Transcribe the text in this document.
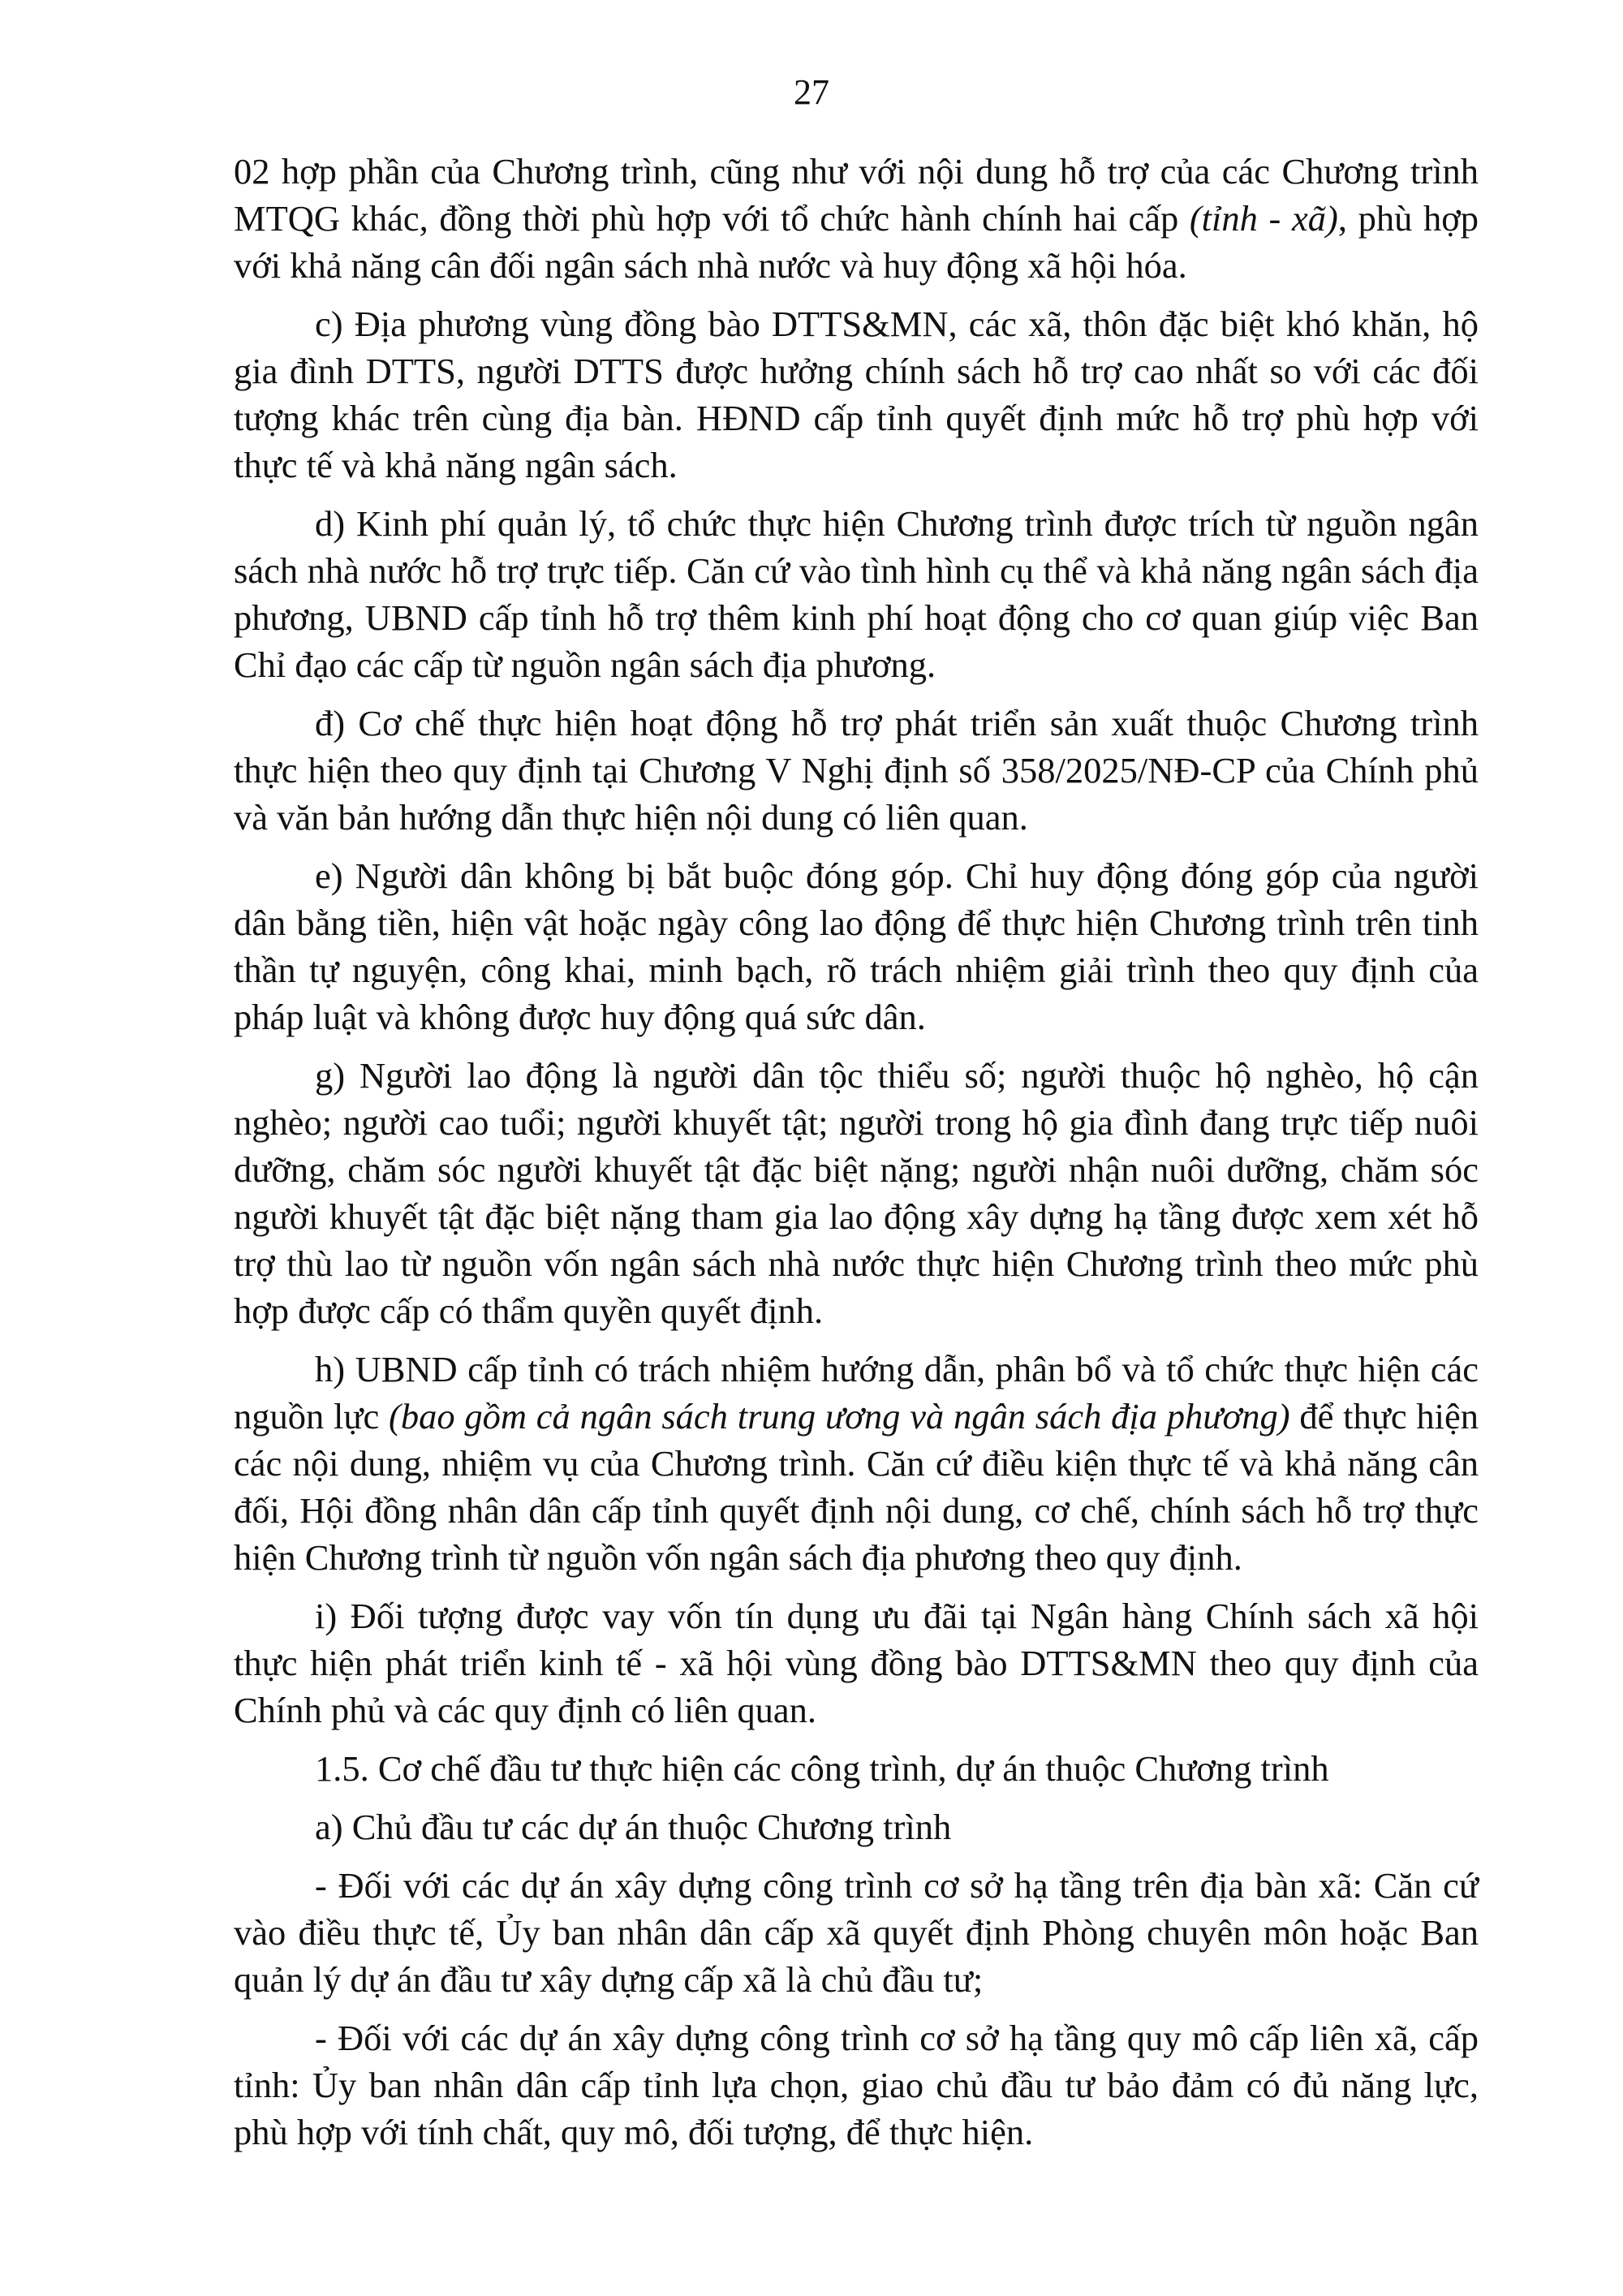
27

02 hợp phần của Chương trình, cũng như với nội dung hỗ trợ của các Chương trình MTQG khác, đồng thời phù hợp với tổ chức hành chính hai cấp (tỉnh - xã), phù hợp với khả năng cân đối ngân sách nhà nước và huy động xã hội hóa.

c) Địa phương vùng đồng bào DTTS&MN, các xã, thôn đặc biệt khó khăn, hộ gia đình DTTS, người DTTS được hưởng chính sách hỗ trợ cao nhất so với các đối tượng khác trên cùng địa bàn. HĐND cấp tỉnh quyết định mức hỗ trợ phù hợp với thực tế và khả năng ngân sách.

d) Kinh phí quản lý, tổ chức thực hiện Chương trình được trích từ nguồn ngân sách nhà nước hỗ trợ trực tiếp. Căn cứ vào tình hình cụ thể và khả năng ngân sách địa phương, UBND cấp tỉnh hỗ trợ thêm kinh phí hoạt động cho cơ quan giúp việc Ban Chỉ đạo các cấp từ nguồn ngân sách địa phương.

đ) Cơ chế thực hiện hoạt động hỗ trợ phát triển sản xuất thuộc Chương trình thực hiện theo quy định tại Chương V Nghị định số 358/2025/NĐ-CP của Chính phủ và văn bản hướng dẫn thực hiện nội dung có liên quan.

e) Người dân không bị bắt buộc đóng góp. Chỉ huy động đóng góp của người dân bằng tiền, hiện vật hoặc ngày công lao động để thực hiện Chương trình trên tinh thần tự nguyện, công khai, minh bạch, rõ trách nhiệm giải trình theo quy định của pháp luật và không được huy động quá sức dân.

g) Người lao động là người dân tộc thiểu số; người thuộc hộ nghèo, hộ cận nghèo; người cao tuổi; người khuyết tật; người trong hộ gia đình đang trực tiếp nuôi dưỡng, chăm sóc người khuyết tật đặc biệt nặng; người nhận nuôi dưỡng, chăm sóc người khuyết tật đặc biệt nặng tham gia lao động xây dựng hạ tầng được xem xét hỗ trợ thù lao từ nguồn vốn ngân sách nhà nước thực hiện Chương trình theo mức phù hợp được cấp có thẩm quyền quyết định.

h) UBND cấp tỉnh có trách nhiệm hướng dẫn, phân bổ và tổ chức thực hiện các nguồn lực (bao gồm cả ngân sách trung ương và ngân sách địa phương) để thực hiện các nội dung, nhiệm vụ của Chương trình. Căn cứ điều kiện thực tế và khả năng cân đối, Hội đồng nhân dân cấp tỉnh quyết định nội dung, cơ chế, chính sách hỗ trợ thực hiện Chương trình từ nguồn vốn ngân sách địa phương theo quy định.

i) Đối tượng được vay vốn tín dụng ưu đãi tại Ngân hàng Chính sách xã hội thực hiện phát triển kinh tế - xã hội vùng đồng bào DTTS&MN theo quy định của Chính phủ và các quy định có liên quan.

1.5. Cơ chế đầu tư thực hiện các công trình, dự án thuộc Chương trình

a) Chủ đầu tư các dự án thuộc Chương trình

- Đối với các dự án xây dựng công trình cơ sở hạ tầng trên địa bàn xã: Căn cứ vào điều thực tế, Ủy ban nhân dân cấp xã quyết định Phòng chuyên môn hoặc Ban quản lý dự án đầu tư xây dựng cấp xã là chủ đầu tư;

- Đối với các dự án xây dựng công trình cơ sở hạ tầng quy mô cấp liên xã, cấp tỉnh: Ủy ban nhân dân cấp tỉnh lựa chọn, giao chủ đầu tư bảo đảm có đủ năng lực, phù hợp với tính chất, quy mô, đối tượng, để thực hiện.
